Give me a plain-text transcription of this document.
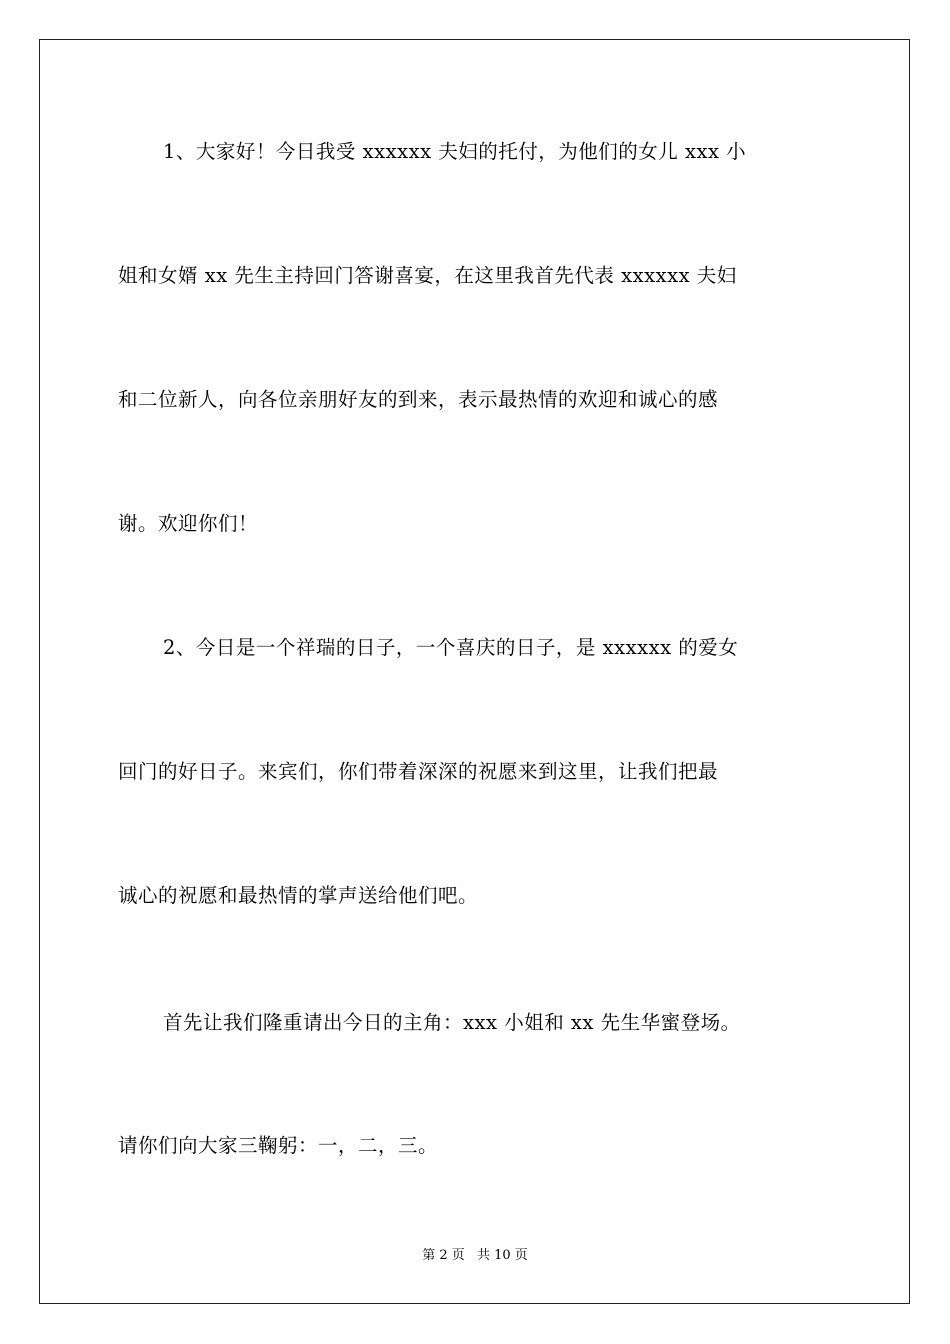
1、大家好！今日我受 xxxxxx 夫妇的托付，为他们的女儿 xxx 小
姐和女婿 xx 先生主持回门答谢喜宴，在这里我首先代表 xxxxxx 夫妇
和二位新人，向各位亲朋好友的到来，表示最热情的欢迎和诚心的感
谢。欢迎你们！
2、今日是一个祥瑞的日子，一个喜庆的日子，是 xxxxxx 的爱女
回门的好日子。来宾们，你们带着深深的祝愿来到这里，让我们把最
诚心的祝愿和最热情的掌声送给他们吧。
首先让我们隆重请出今日的主角：xxx 小姐和 xx 先生华蜜登场。
请你们向大家三鞠躬：一，二，三。
第 2 页 共 10 页
